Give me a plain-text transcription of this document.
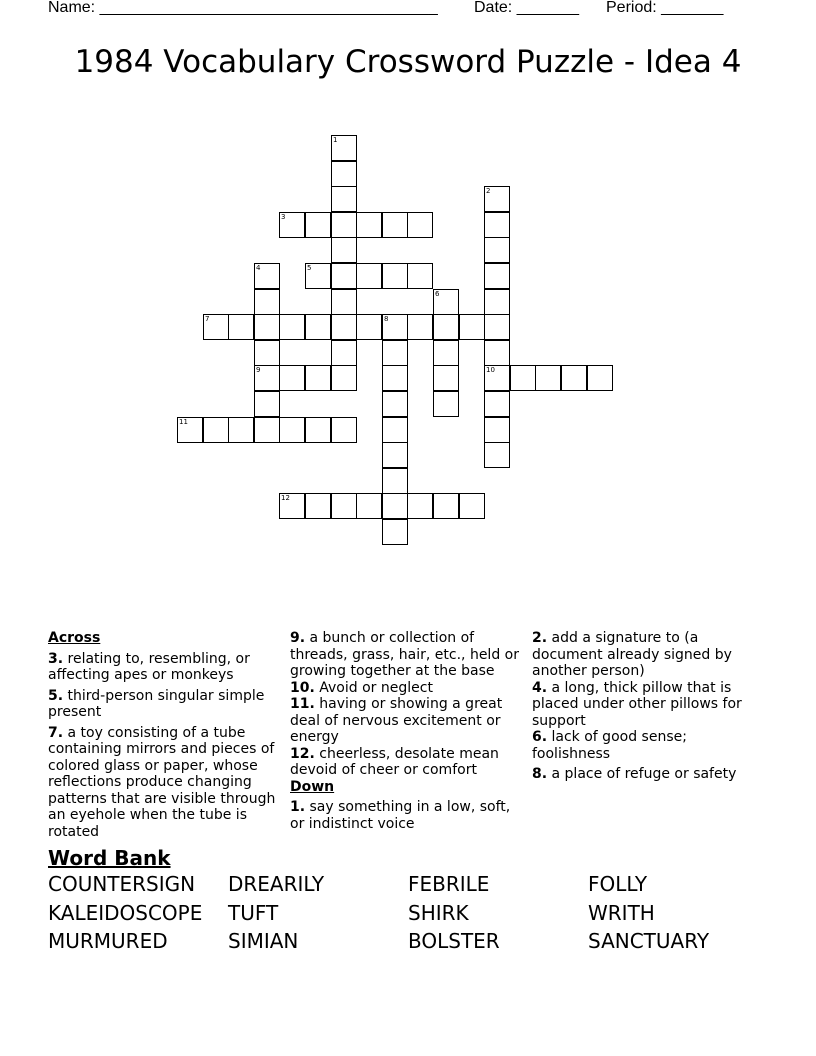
Name: ______________________________________ Date: _______ Period: _______
1984 Vocabulary Crossword Puzzle - Idea 4
1
2
10
3
4
9
5
6
7	8
11
12
Across
3. relating to, resembling, or affecting apes or monkeys
5. third-person singular simple present
7. a toy consisting of a tube containing mirrors and pieces of colored glass or paper, whose reflections produce changing patterns that are visible through an eyehole when the tube is rotated
9. a bunch or collection of threads, grass, hair, etc., held or growing together at the base
10. Avoid or neglect
11. having or showing a great deal of nervous excitement or energy
12. cheerless, desolate mean devoid of cheer or comfort
Down
1. say something in a low, soft, or indistinct voice
2. add a signature to (a document already signed by another person)
4. a long, thick pillow that is placed under other pillows for support
6. lack of good sense; foolishness
8. a place of refuge or safety
Word Bank
COUNTERSIGN	DREARILY	FEBRILE	FOLLY
KALEIDOSCOPE	TUFT	SHIRK	WRITH
MURMURED	SIMIAN	BOLSTER	SANCTUARY
